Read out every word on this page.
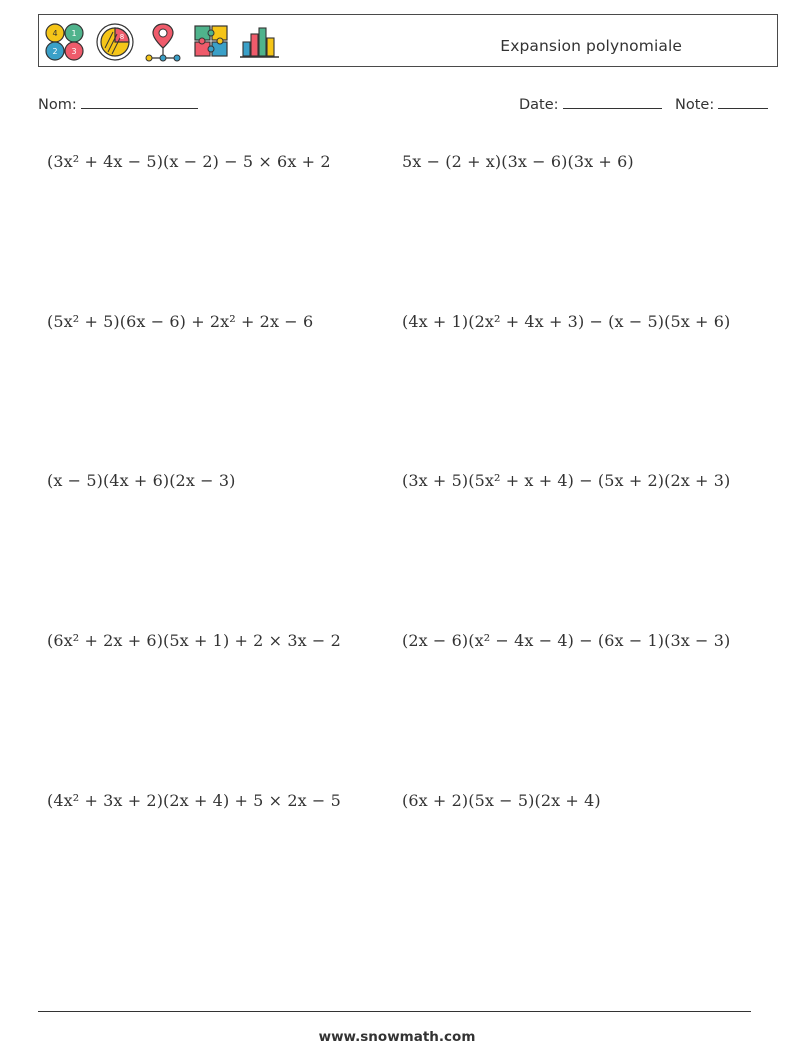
4 1
2 3
8	Expansion polynomiale
Nom:	Date:	Note:
(3x² + 4x − 5)(x − 2) − 5 × 6x + 2	5x − (2 + x)(3x − 6)(3x + 6)
(5x² + 5)(6x − 6) + 2x² + 2x − 6	(4x + 1)(2x² + 4x + 3) − (x − 5)(5x + 6)
(x − 5)(4x + 6)(2x − 3)	(3x + 5)(5x² + x + 4) − (5x + 2)(2x + 3)
(6x² + 2x + 6)(5x + 1) + 2 × 3x − 2	(2x − 6)(x² − 4x − 4) − (6x − 1)(3x − 3)
(4x² + 3x + 2)(2x + 4) + 5 × 2x − 5	(6x + 2)(5x − 5)(2x + 4)
www.snowmath.com
